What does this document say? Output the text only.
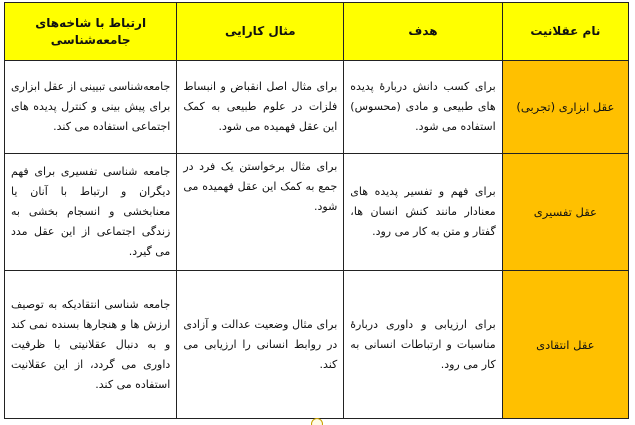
نام عقلانیت	هدف	مثال کارایی	ارتباط با شاخه‌های جامعه‌شناسی
عقل ابزاری (تجربی)	برای کسب دانش دربارهٔ پدیده های طبیعی و مادی (محسوس) استفاده می شود.	برای مثال اصل انقباض و انبساط فلزات در علوم طبیعی به کمک این عقل فهمیده می شود.	جامعه‌شناسی تبیینی از عقل ابزاری برای پیش بینی و کنترل پدیده های اجتماعی استفاده می کند.
عقل تفسیری	برای فهم و تفسیر پدیده های معنادار مانند کنش انسان ها، گفتار و متن به کار می رود.	برای مثال برخواستن یک فرد در جمع به کمک این عقل فهمیده می شود.	جامعه شناسی تفسیری برای فهم دیگران و ارتباط با آنان یا معنابخشی و انسجام بخشی به زندگی اجتماعی از این عقل مدد می گیرد.
عقل انتقادی	برای ارزیابی و داوری دربارهٔ مناسبات و ارتباطات انسانی به کار می رود.	برای مثال وضعیت عدالت و آزادی در روابط انسانی را ارزیابی می کند.	جامعه شناسی انتقادیکه به توصیف ارزش ها و هنجارها بسنده نمی کند و به دنبال عقلانیتی با ظرفیت داوری می گردد، از این عقلانیت استفاده می کند.
